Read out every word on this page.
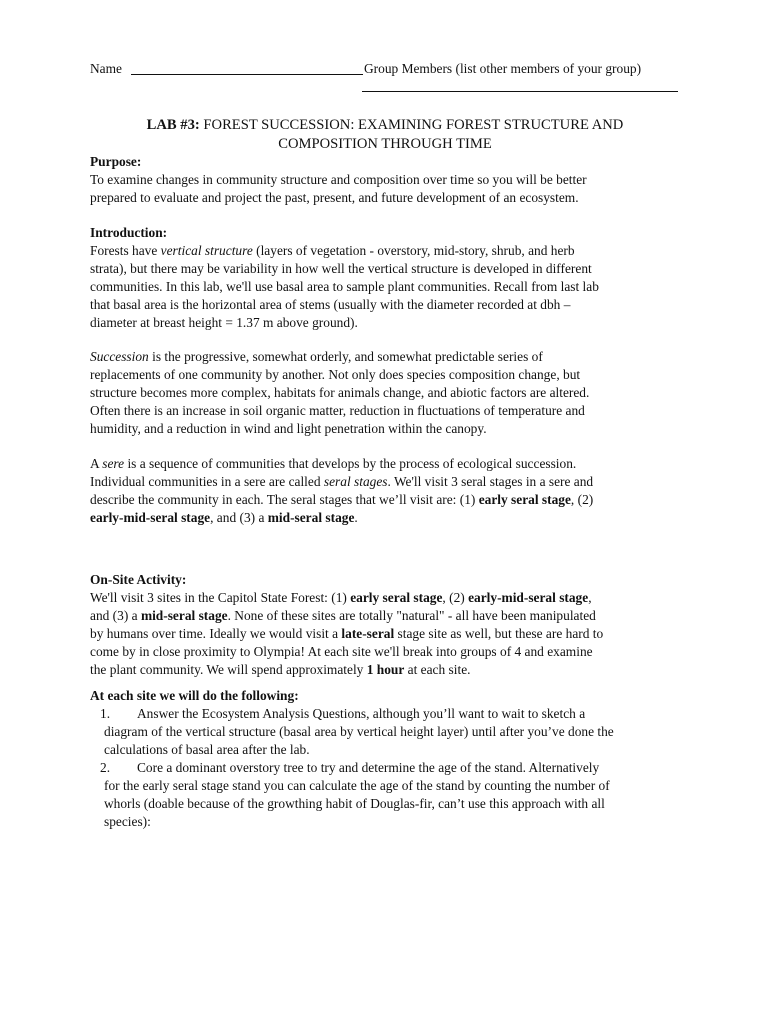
Name	Group Members (list other members of your group)
LAB #3: FOREST SUCCESSION: EXAMINING FOREST STRUCTURE AND
COMPOSITION THROUGH TIME

Purpose:

To examine changes in community structure and composition over time so you will be better

prepared to evaluate and project the past, present, and future development of an ecosystem.

Introduction:

Forests have vertical structure (layers of vegetation - overstory, mid-story, shrub, and herb

strata), but there may be variability in how well the vertical structure is developed in different

communities. In this lab, we'll use basal area to sample plant communities. Recall from last lab

that basal area is the horizontal area of stems (usually with the diameter recorded at dbh –

diameter at breast height = 1.37 m above ground).

Succession is the progressive, somewhat orderly, and somewhat predictable series of

replacements of one community by another. Not only does species composition change, but

structure becomes more complex, habitats for animals change, and abiotic factors are altered.

Often there is an increase in soil organic matter, reduction in fluctuations of temperature and

humidity, and a reduction in wind and light penetration within the canopy.

A sere is a sequence of communities that develops by the process of ecological succession.

Individual communities in a sere are called seral stages. We'll visit 3 seral stages in a sere and

describe the community in each. The seral stages that we’ll visit are: (1) early seral stage, (2)

early-mid-seral stage, and (3) a mid-seral stage.

On-Site Activity:

We'll visit 3 sites in the Capitol State Forest: (1) early seral stage, (2) early-mid-seral stage,

and (3) a mid-seral stage. None of these sites are totally "natural" - all have been manipulated

by humans over time. Ideally we would visit a late-seral stage site as well, but these are hard to

come by in close proximity to Olympia! At each site we'll break into groups of 4 and examine

the plant community. We will spend approximately 1 hour at each site.

At each site we will do the following:

1. Answer the Ecosystem Analysis Questions, although you’ll want to wait to sketch a
diagram of the vertical structure (basal area by vertical height layer) until after you’ve done the
calculations of basal area after the lab.
2. Core a dominant overstory tree to try and determine the age of the stand. Alternatively
for the early seral stage stand you can calculate the age of the stand by counting the number of
whorls (doable because of the growthing habit of Douglas-fir, can’t use this approach with all
species):
